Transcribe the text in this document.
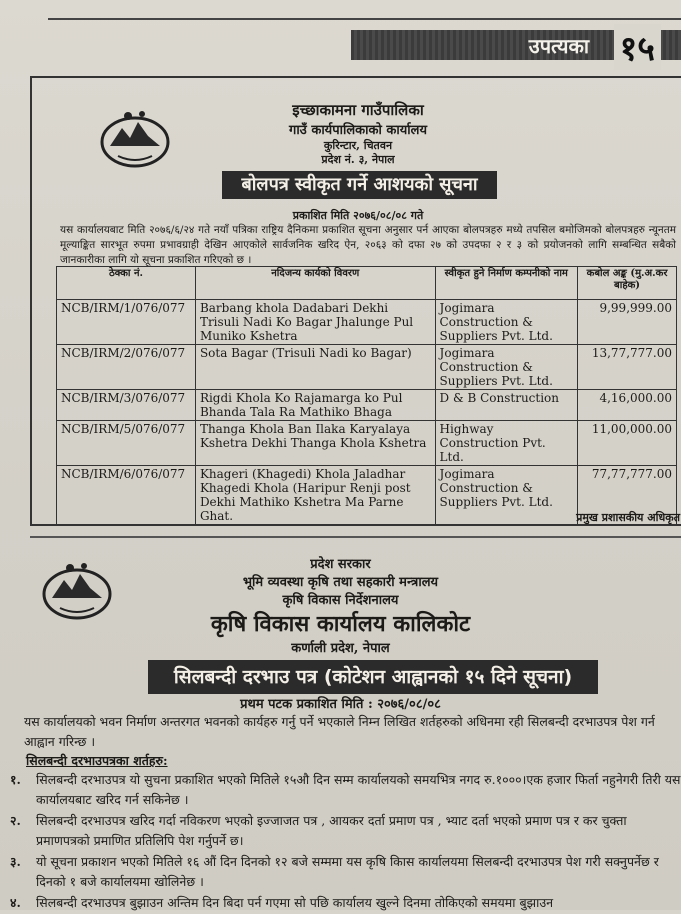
उपत्यका १५
इच्छाकामना गाउँपालिका
गाउँ कार्यपालिकाको कार्यालय
कुरिन्टार, चितवन
प्रदेश नं. ३, नेपाल
बोलपत्र स्वीकृत गर्ने आशयको सूचना
प्रकाशित मिति २०७६/०८/०८ गते
यस कार्यालयबाट मिति २०७६/६/२४ गते नयाँ पत्रिका राष्ट्रिय दैनिकमा प्रकाशित सूचना अनुसार पर्न आएका बोलपत्रहरु मध्ये तपसिल बमोजिमको बोलपत्रहरु न्यूनतम मूल्याङ्कित सारभूत रुपमा प्रभावग्राही देखिन आएकोले सार्वजनिक खरिद ऐन, २०६३ को दफा २७ को उपदफा २ र ३ को प्रयोजनको लागि सम्बन्धित सबैको जानकारीका लागि यो सूचना प्रकाशित गरिएको छ ।
ठेक्का नं.	नदिजन्य कार्यको विवरण	स्वीकृत हुने निर्माण कम्पनीको नाम	कबोल अङ्क (मु.अ.कर बाहेक)
NCB/IRM/1/076/077	Barbang khola Dadabari Dekhi Trisuli Nadi Ko Bagar Jhalunge Pul Muniko Kshetra	Jogimara Construction & Suppliers Pvt. Ltd.	9,99,999.00
NCB/IRM/2/076/077	Sota Bagar (Trisuli Nadi ko Bagar)	Jogimara Construction & Suppliers Pvt. Ltd.	13,77,777.00
NCB/IRM/3/076/077	Rigdi Khola Ko Rajamarga ko Pul Bhanda Tala Ra Mathiko Bhaga	D & B Construction	4,16,000.00
NCB/IRM/5/076/077	Thanga Khola Ban Ilaka Karyalaya Kshetra Dekhi Thanga Khola Kshetra	Highway Construction Pvt. Ltd.	11,00,000.00
NCB/IRM/6/076/077	Khageri (Khagedi) Khola Jaladhar Khagedi Khola (Haripur Renji post Dekhi Mathiko Kshetra Ma Parne Ghat.	Jogimara Construction & Suppliers Pvt. Ltd.	77,77,777.00
प्रमुख प्रशासकीय अधिकृत
प्रदेश सरकार
भूमि व्यवस्था कृषि तथा सहकारी मन्त्रालय
कृषि विकास निर्देशनालय
कृषि विकास कार्यालय कालिकोट
कर्णाली प्रदेश, नेपाल
सिलबन्दी दरभाउ पत्र (कोटेशन आह्वानको १५ दिने सूचना)
प्रथम पटक प्रकाशित मिति : २०७६/०८/०८
यस कार्यालयको भवन निर्माण अन्तरगत भवनको कार्यहरु गर्नु पर्ने भएकाले निम्न लिखित शर्तहरुको अधिनमा रही सिलबन्दी दरभाउपत्र पेश गर्न आह्वान गरिन्छ ।
सिलबन्दी दरभाउपत्रका शर्तहरु:
१. सिलबन्दी दरभाउपत्र यो सुचना प्रकाशित भएको मितिले १५औ दिन सम्म कार्यालयको समयभित्र नगद रु.१०००।एक हजार फिर्ता नहुनेगरी तिरी यस कार्यालयबाट खरिद गर्न सकिनेछ ।
२. सिलबन्दी दरभाउपत्र खरिद गर्दा नविकरण भएको इज्जाजत पत्र , आयकर दर्ता प्रमाण पत्र , भ्याट दर्ता भएको प्रमाण पत्र र कर चुक्ता प्रमाणपत्रको प्रमाणित प्रतिलिपि पेश गर्नुपर्ने छ।
३. यो सूचना प्रकाशन भएको मितिले १६ औं दिन दिनको १२ बजे सम्ममा यस कृषि किास कार्यालयमा सिलबन्दी दरभाउपत्र पेश गरी सक्नुपर्नेछ र दिनको १ बजे कार्यालयमा खोलिनेछ ।
४. सिलबन्दी दरभाउपत्र बुझाउन अन्तिम दिन बिदा पर्न गएमा सो पछि कार्यालय खुल्ने दिनमा तोकिएको समयमा बुझाउन
